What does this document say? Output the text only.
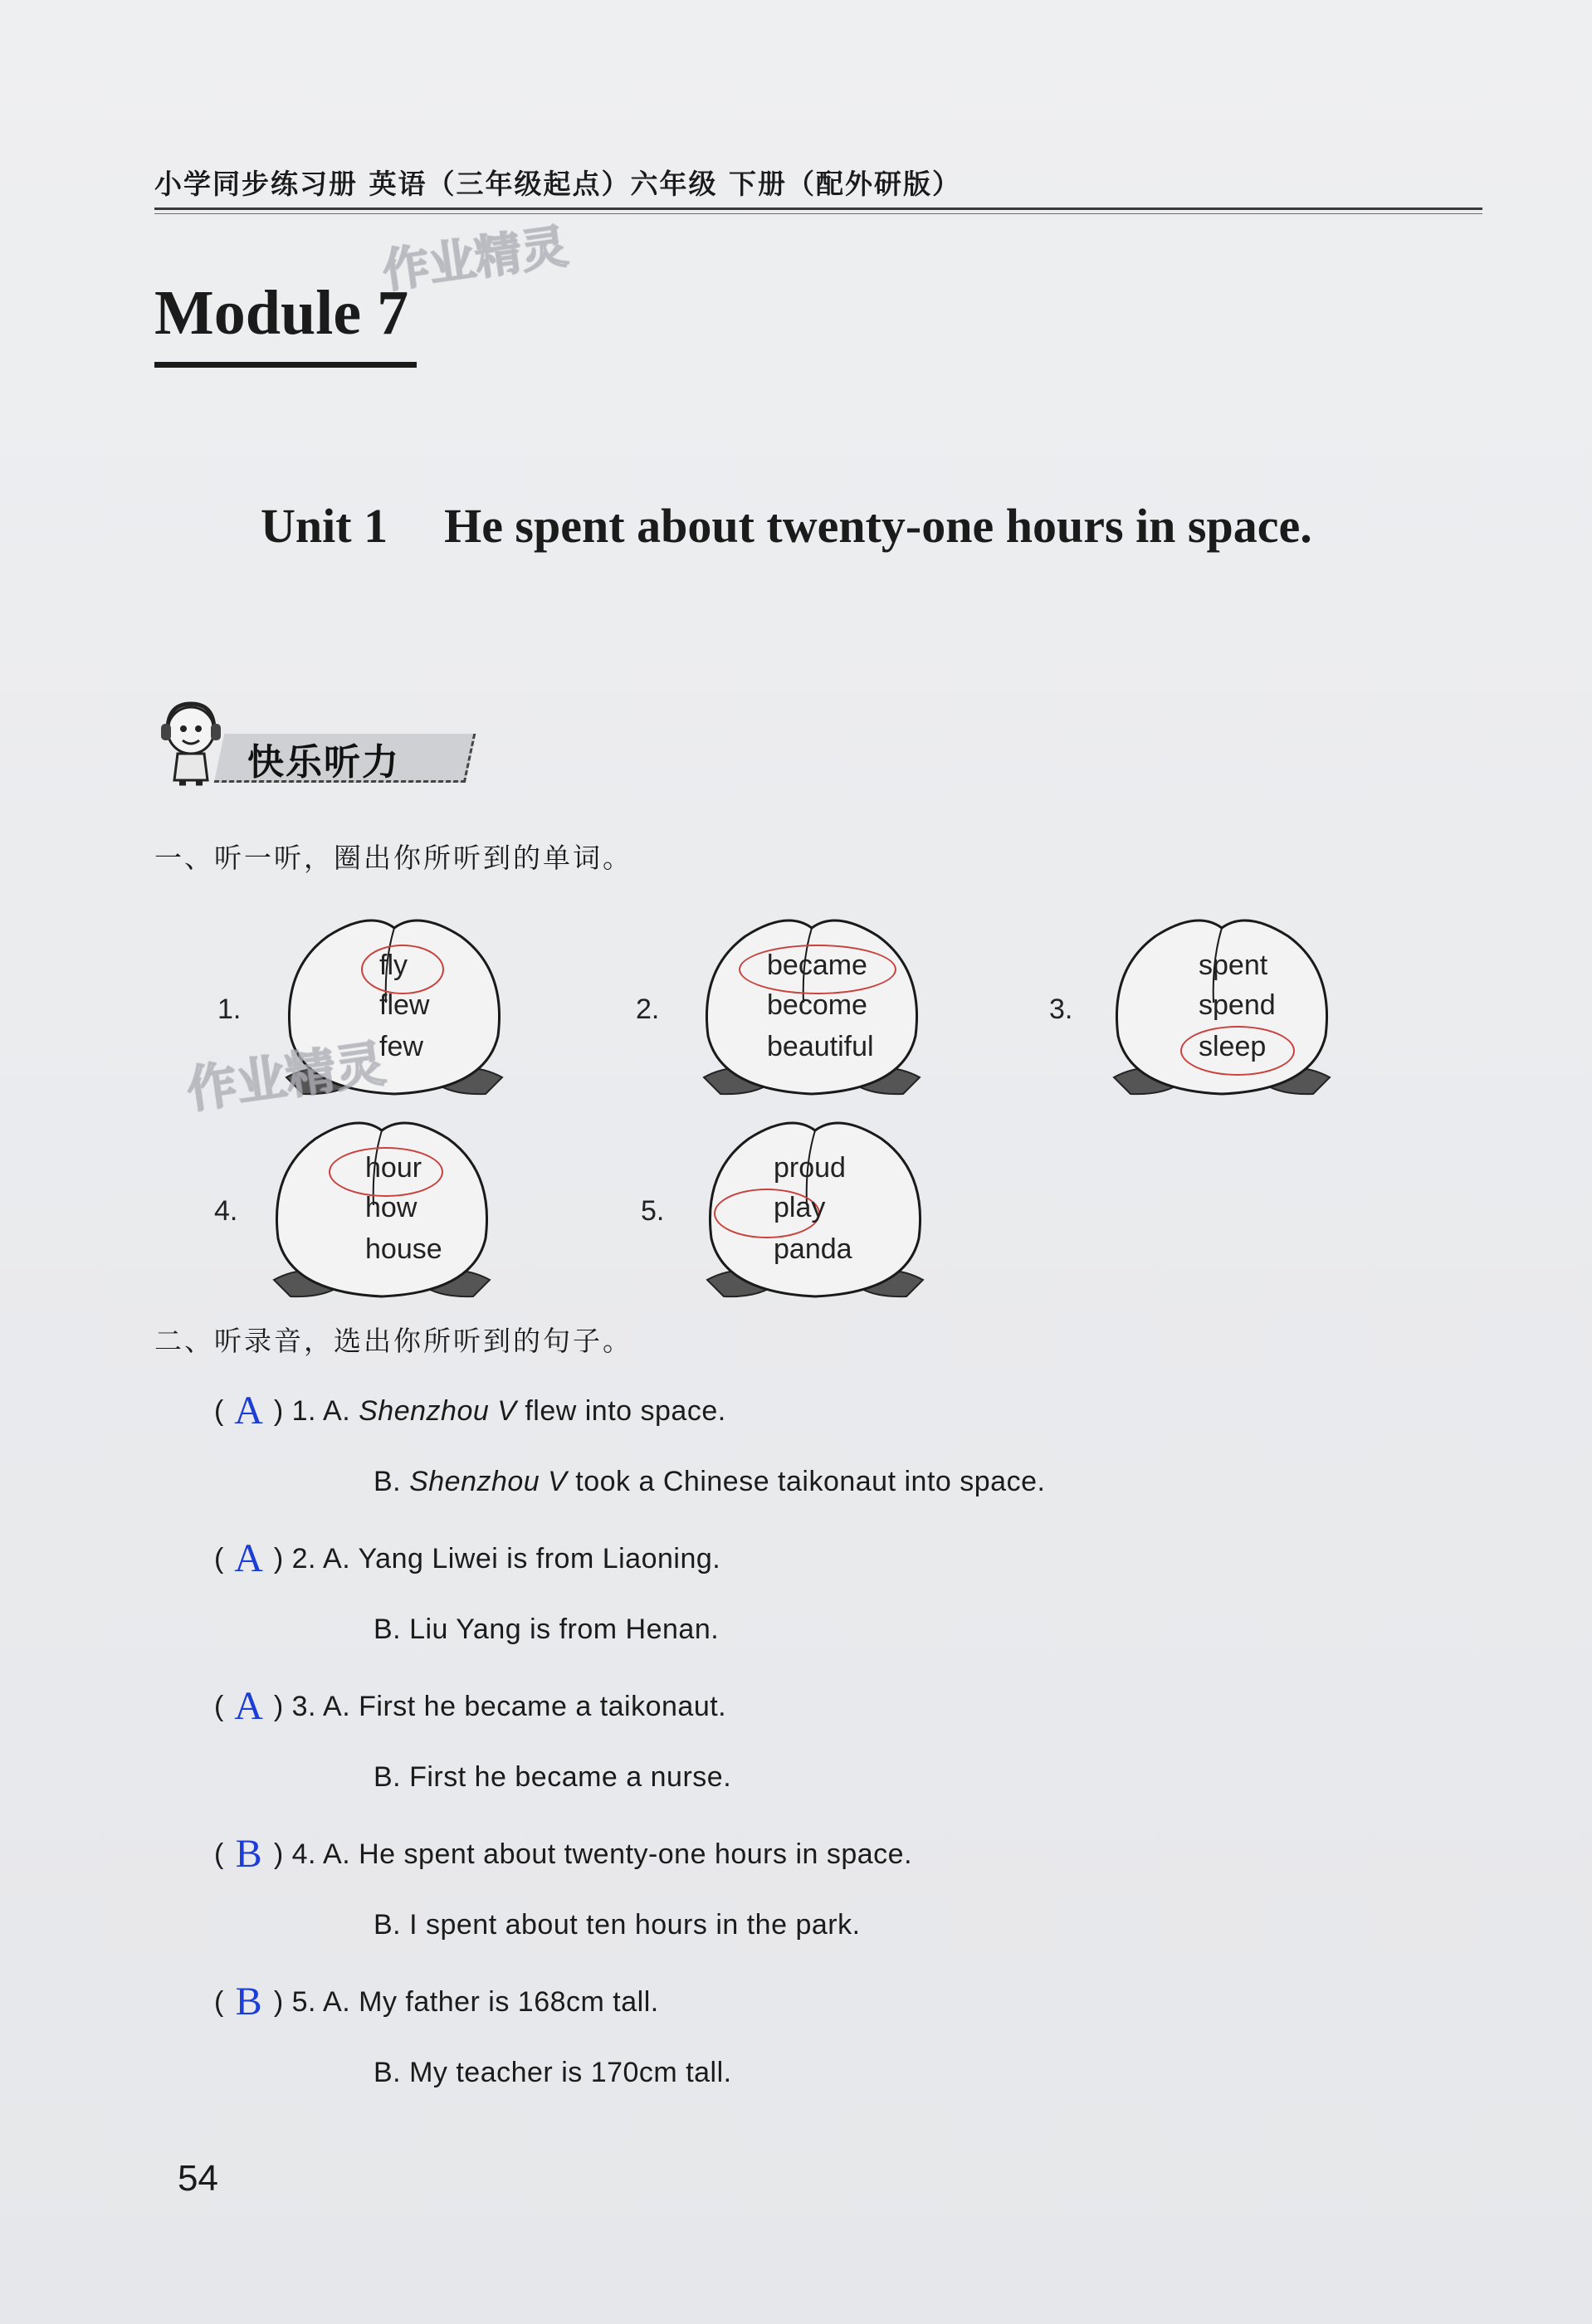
小学同步练习册 英语（三年级起点）六年级 下册（配外研版）
作业精灵
Module 7
Unit 1 He spent about twenty-one hours in space.
快乐听力
一、听一听，圈出你所听到的单词。
1.
fly
flew
few
2.
became
become
beautiful
3.
spent
spend
sleep
作业精灵
4.
hour
how
house
5.
proud
play
panda
二、听录音，选出你所听到的句子。
( A ) 1. A. Shenzhou V flew into space.
B. Shenzhou V took a Chinese taikonaut into space.
( A ) 2. A. Yang Liwei is from Liaoning.
B. Liu Yang is from Henan.
( A ) 3. A. First he became a taikonaut.
B. First he became a nurse.
( B ) 4. A. He spent about twenty-one hours in space.
B. I spent about ten hours in the park.
( B ) 5. A. My father is 168cm tall.
B. My teacher is 170cm tall.
54
